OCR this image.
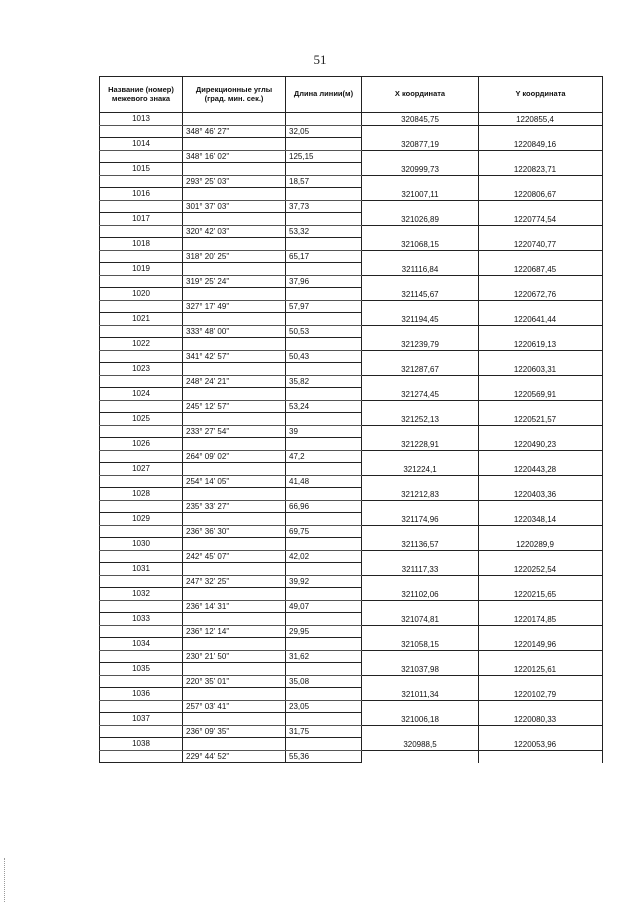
51
Название (номер) межевого знака	Дирекционные углы (град. мин. сек.)	Длина линии(м)	X координата	Y координата
1013			320845,75	1220855,4
	348° 46' 27"	32,05		
1014			320877,19	1220849,16
	348° 16' 02"	125,15		
1015			320999,73	1220823,71
	293° 25' 03"	18,57		
1016			321007,11	1220806,67
	301° 37' 03"	37,73		
1017			321026,89	1220774,54
	320° 42' 03"	53,32		
1018			321068,15	1220740,77
	318° 20' 25"	65,17		
1019			321116,84	1220687,45
	319° 25' 24"	37,96		
1020			321145,67	1220672,76
	327° 17' 49"	57,97		
1021			321194,45	1220641,44
	333° 48' 00"	50,53		
1022			321239,79	1220619,13
	341° 42' 57"	50,43		
1023			321287,67	1220603,31
	248° 24' 21"	35,82		
1024			321274,45	1220569,91
	245° 12' 57"	53,24		
1025			321252,13	1220521,57
	233° 27' 54"	39		
1026			321228,91	1220490,23
	264° 09' 02"	47,2		
1027			321224,1	1220443,28
	254° 14' 05"	41,48		
1028			321212,83	1220403,36
	235° 33' 27"	66,96		
1029			321174,96	1220348,14
	236° 36' 30"	69,75		
1030			321136,57	1220289,9
	242° 45' 07"	42,02		
1031			321117,33	1220252,54
	247° 32' 25"	39,92		
1032			321102,06	1220215,65
	236° 14' 31"	49,07		
1033			321074,81	1220174,85
	236° 12' 14"	29,95		
1034			321058,15	1220149,96
	230° 21' 50"	31,62		
1035			321037,98	1220125,61
	220° 35' 01"	35,08		
1036			321011,34	1220102,79
	257° 03' 41"	23,05		
1037			321006,18	1220080,33
	236° 09' 35"	31,75		
1038			320988,5	1220053,96
	229° 44' 52"	55,36		
